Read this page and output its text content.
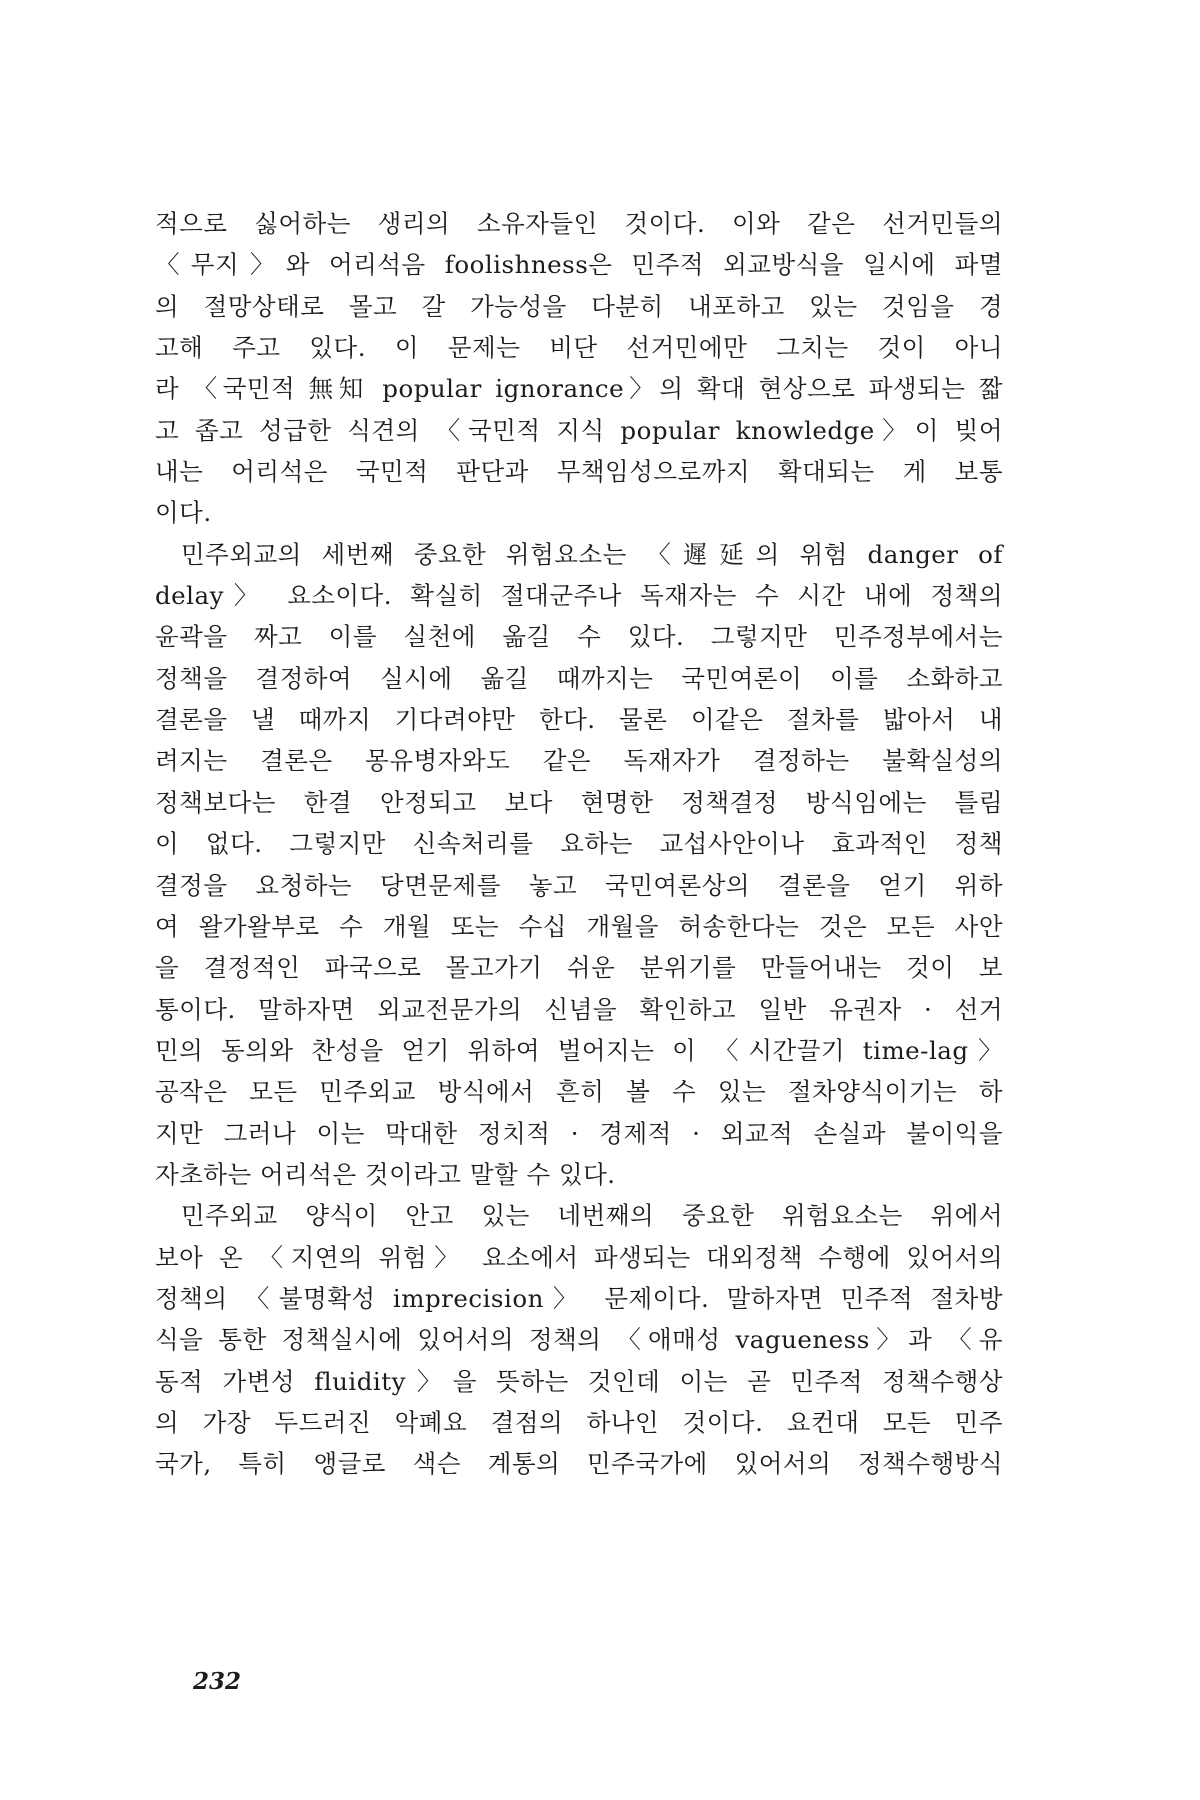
적으로 싫어하는 생리의 소유자들인 것이다. 이와 같은 선거민들의
〈무지〉와 어리석음 foolishness은 민주적 외교방식을 일시에 파멸
의 절망상태로 몰고 갈 가능성을 다분히 내포하고 있는 것임을 경
고해 주고 있다. 이 문제는 비단 선거민에만 그치는 것이 아니
라 〈국민적 無知 popular ignorance〉의 확대 현상으로 파생되는 짧
고 좁고 성급한 식견의 〈국민적 지식 popular knowledge〉이 빚어
내는 어리석은 국민적 판단과 무책임성으로까지 확대되는 게 보통
이다.
민주외교의 세번째 중요한 위험요소는 〈遲延의 위험 danger of
delay〉 요소이다. 확실히 절대군주나 독재자는 수 시간 내에 정책의
윤곽을 짜고 이를 실천에 옮길 수 있다. 그렇지만 민주정부에서는
정책을 결정하여 실시에 옮길 때까지는 국민여론이 이를 소화하고
결론을 낼 때까지 기다려야만 한다. 물론 이같은 절차를 밟아서 내
려지는 결론은 몽유병자와도 같은 독재자가 결정하는 불확실성의
정책보다는 한결 안정되고 보다 현명한 정책결정 방식임에는 틀림
이 없다. 그렇지만 신속처리를 요하는 교섭사안이나 효과적인 정책
결정을 요청하는 당면문제를 놓고 국민여론상의 결론을 얻기 위하
여 왈가왈부로 수 개월 또는 수십 개월을 허송한다는 것은 모든 사안
을 결정적인 파국으로 몰고가기 쉬운 분위기를 만들어내는 것이 보
통이다. 말하자면 외교전문가의 신념을 확인하고 일반 유권자 · 선거
민의 동의와 찬성을 얻기 위하여 벌어지는 이 〈시간끌기 time-lag〉
공작은 모든 민주외교 방식에서 흔히 볼 수 있는 절차양식이기는 하
지만 그러나 이는 막대한 정치적 · 경제적 · 외교적 손실과 불이익을
자초하는 어리석은 것이라고 말할 수 있다.
민주외교 양식이 안고 있는 네번째의 중요한 위험요소는 위에서
보아 온 〈지연의 위험〉 요소에서 파생되는 대외정책 수행에 있어서의
정책의 〈불명확성 imprecision〉 문제이다. 말하자면 민주적 절차방
식을 통한 정책실시에 있어서의 정책의 〈애매성 vagueness〉과 〈유
동적 가변성 fluidity〉을 뜻하는 것인데 이는 곧 민주적 정책수행상
의 가장 두드러진 악폐요 결점의 하나인 것이다. 요컨대 모든 민주
국가, 특히 앵글로 색슨 계통의 민주국가에 있어서의 정책수행방식
232
